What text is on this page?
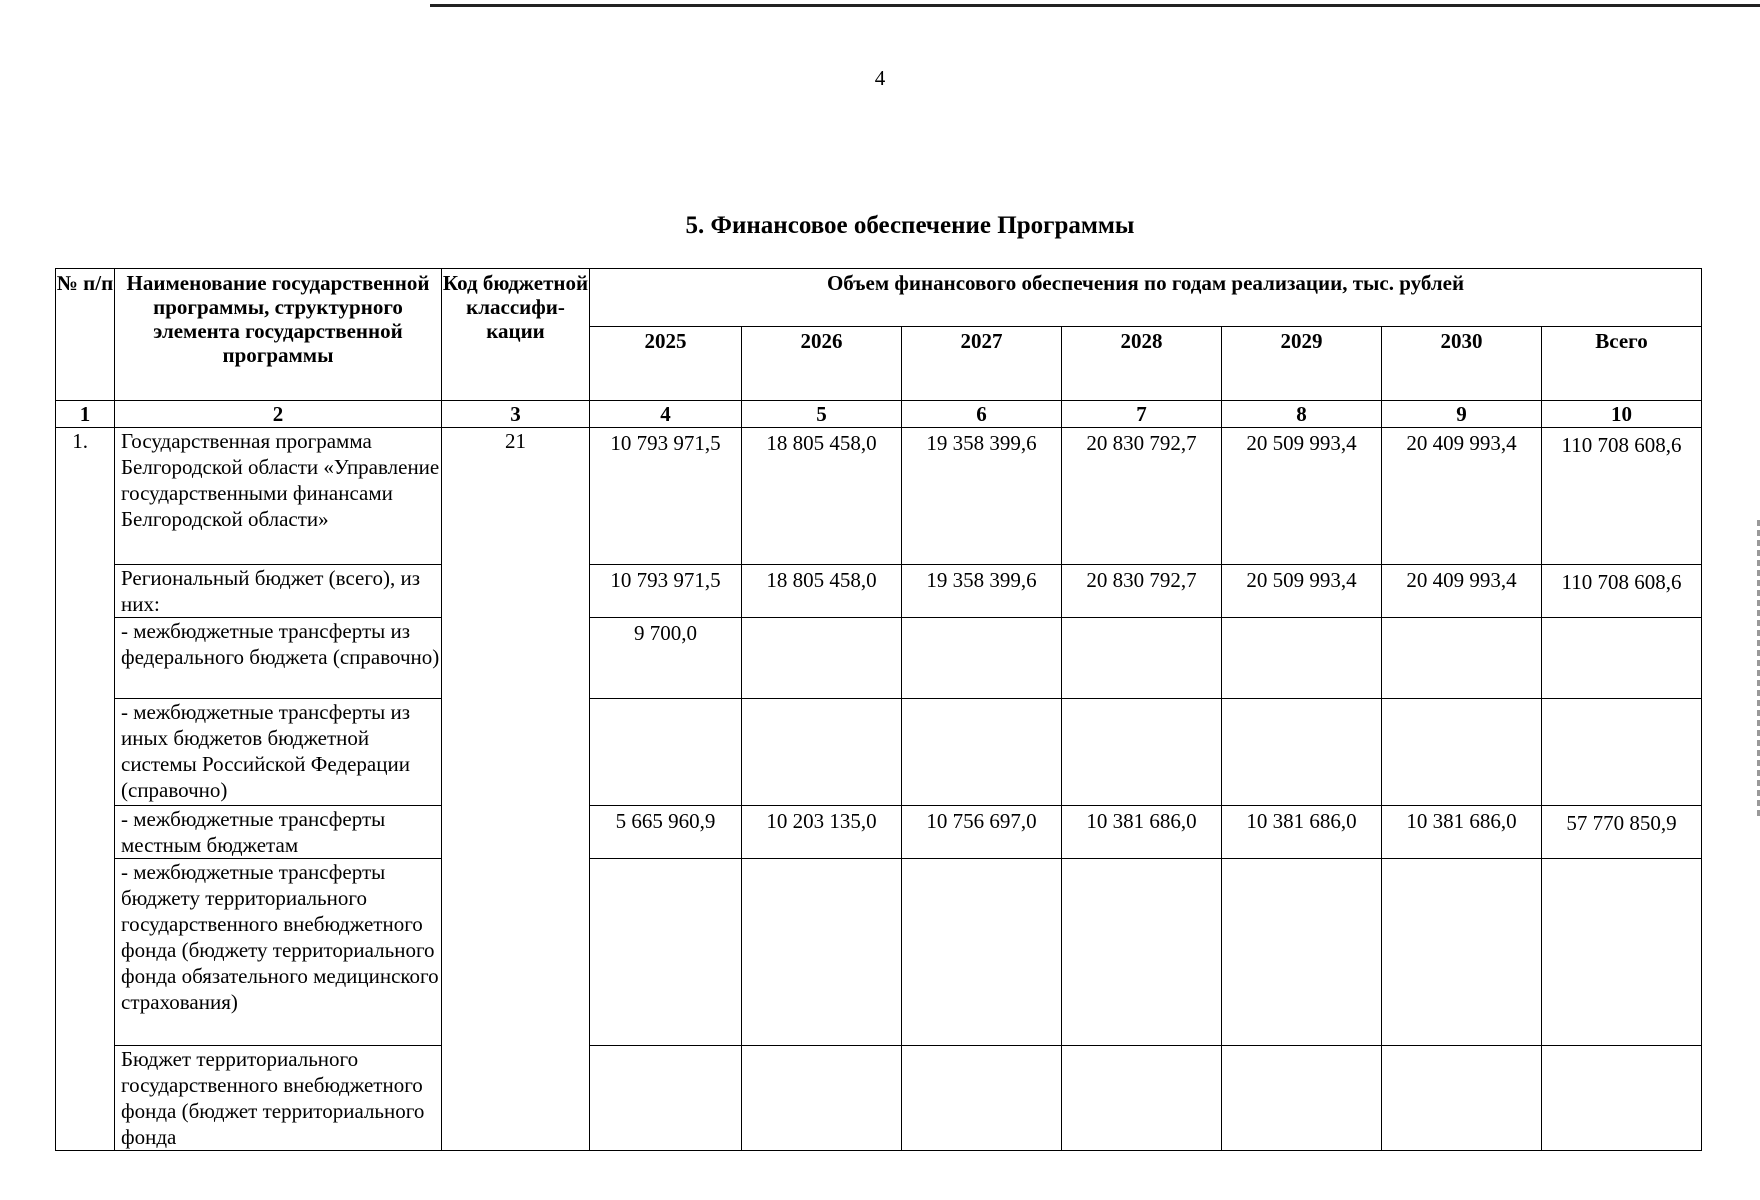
4
5. Финансовое обеспечение Программы
№ п/п	Наименование государственной программы, структурного элемента государственной программы	Код бюджетной классифи-кации	Объем финансового обеспечения по годам реализации, тыс. рублей						
			2025	2026	2027	2028	2029	2030	Всего
1	2	3	4	5	6	7	8	9	10
1.	Государственная программа Белгородской области «Управление государственными финансами Белгородской области»	21	10 793 971,5	18 805 458,0	19 358 399,6	20 830 792,7	20 509 993,4	20 409 993,4	110 708 608,6
	Региональный бюджет (всего), из них:		10 793 971,5	18 805 458,0	19 358 399,6	20 830 792,7	20 509 993,4	20 409 993,4	110 708 608,6
	- межбюджетные трансферты из федерального бюджета (справочно)		9 700,0						
	- межбюджетные трансферты из иных бюджетов бюджетной системы Российской Федерации (справочно)								
	- межбюджетные трансферты местным бюджетам		5 665 960,9	10 203 135,0	10 756 697,0	10 381 686,0	10 381 686,0	10 381 686,0	57 770 850,9
	- межбюджетные трансферты бюджету территориального государственного внебюджетного фонда (бюджету территориального фонда обязательного медицинского страхования)								
	Бюджет территориального государственного внебюджетного фонда (бюджет территориального фонда								
